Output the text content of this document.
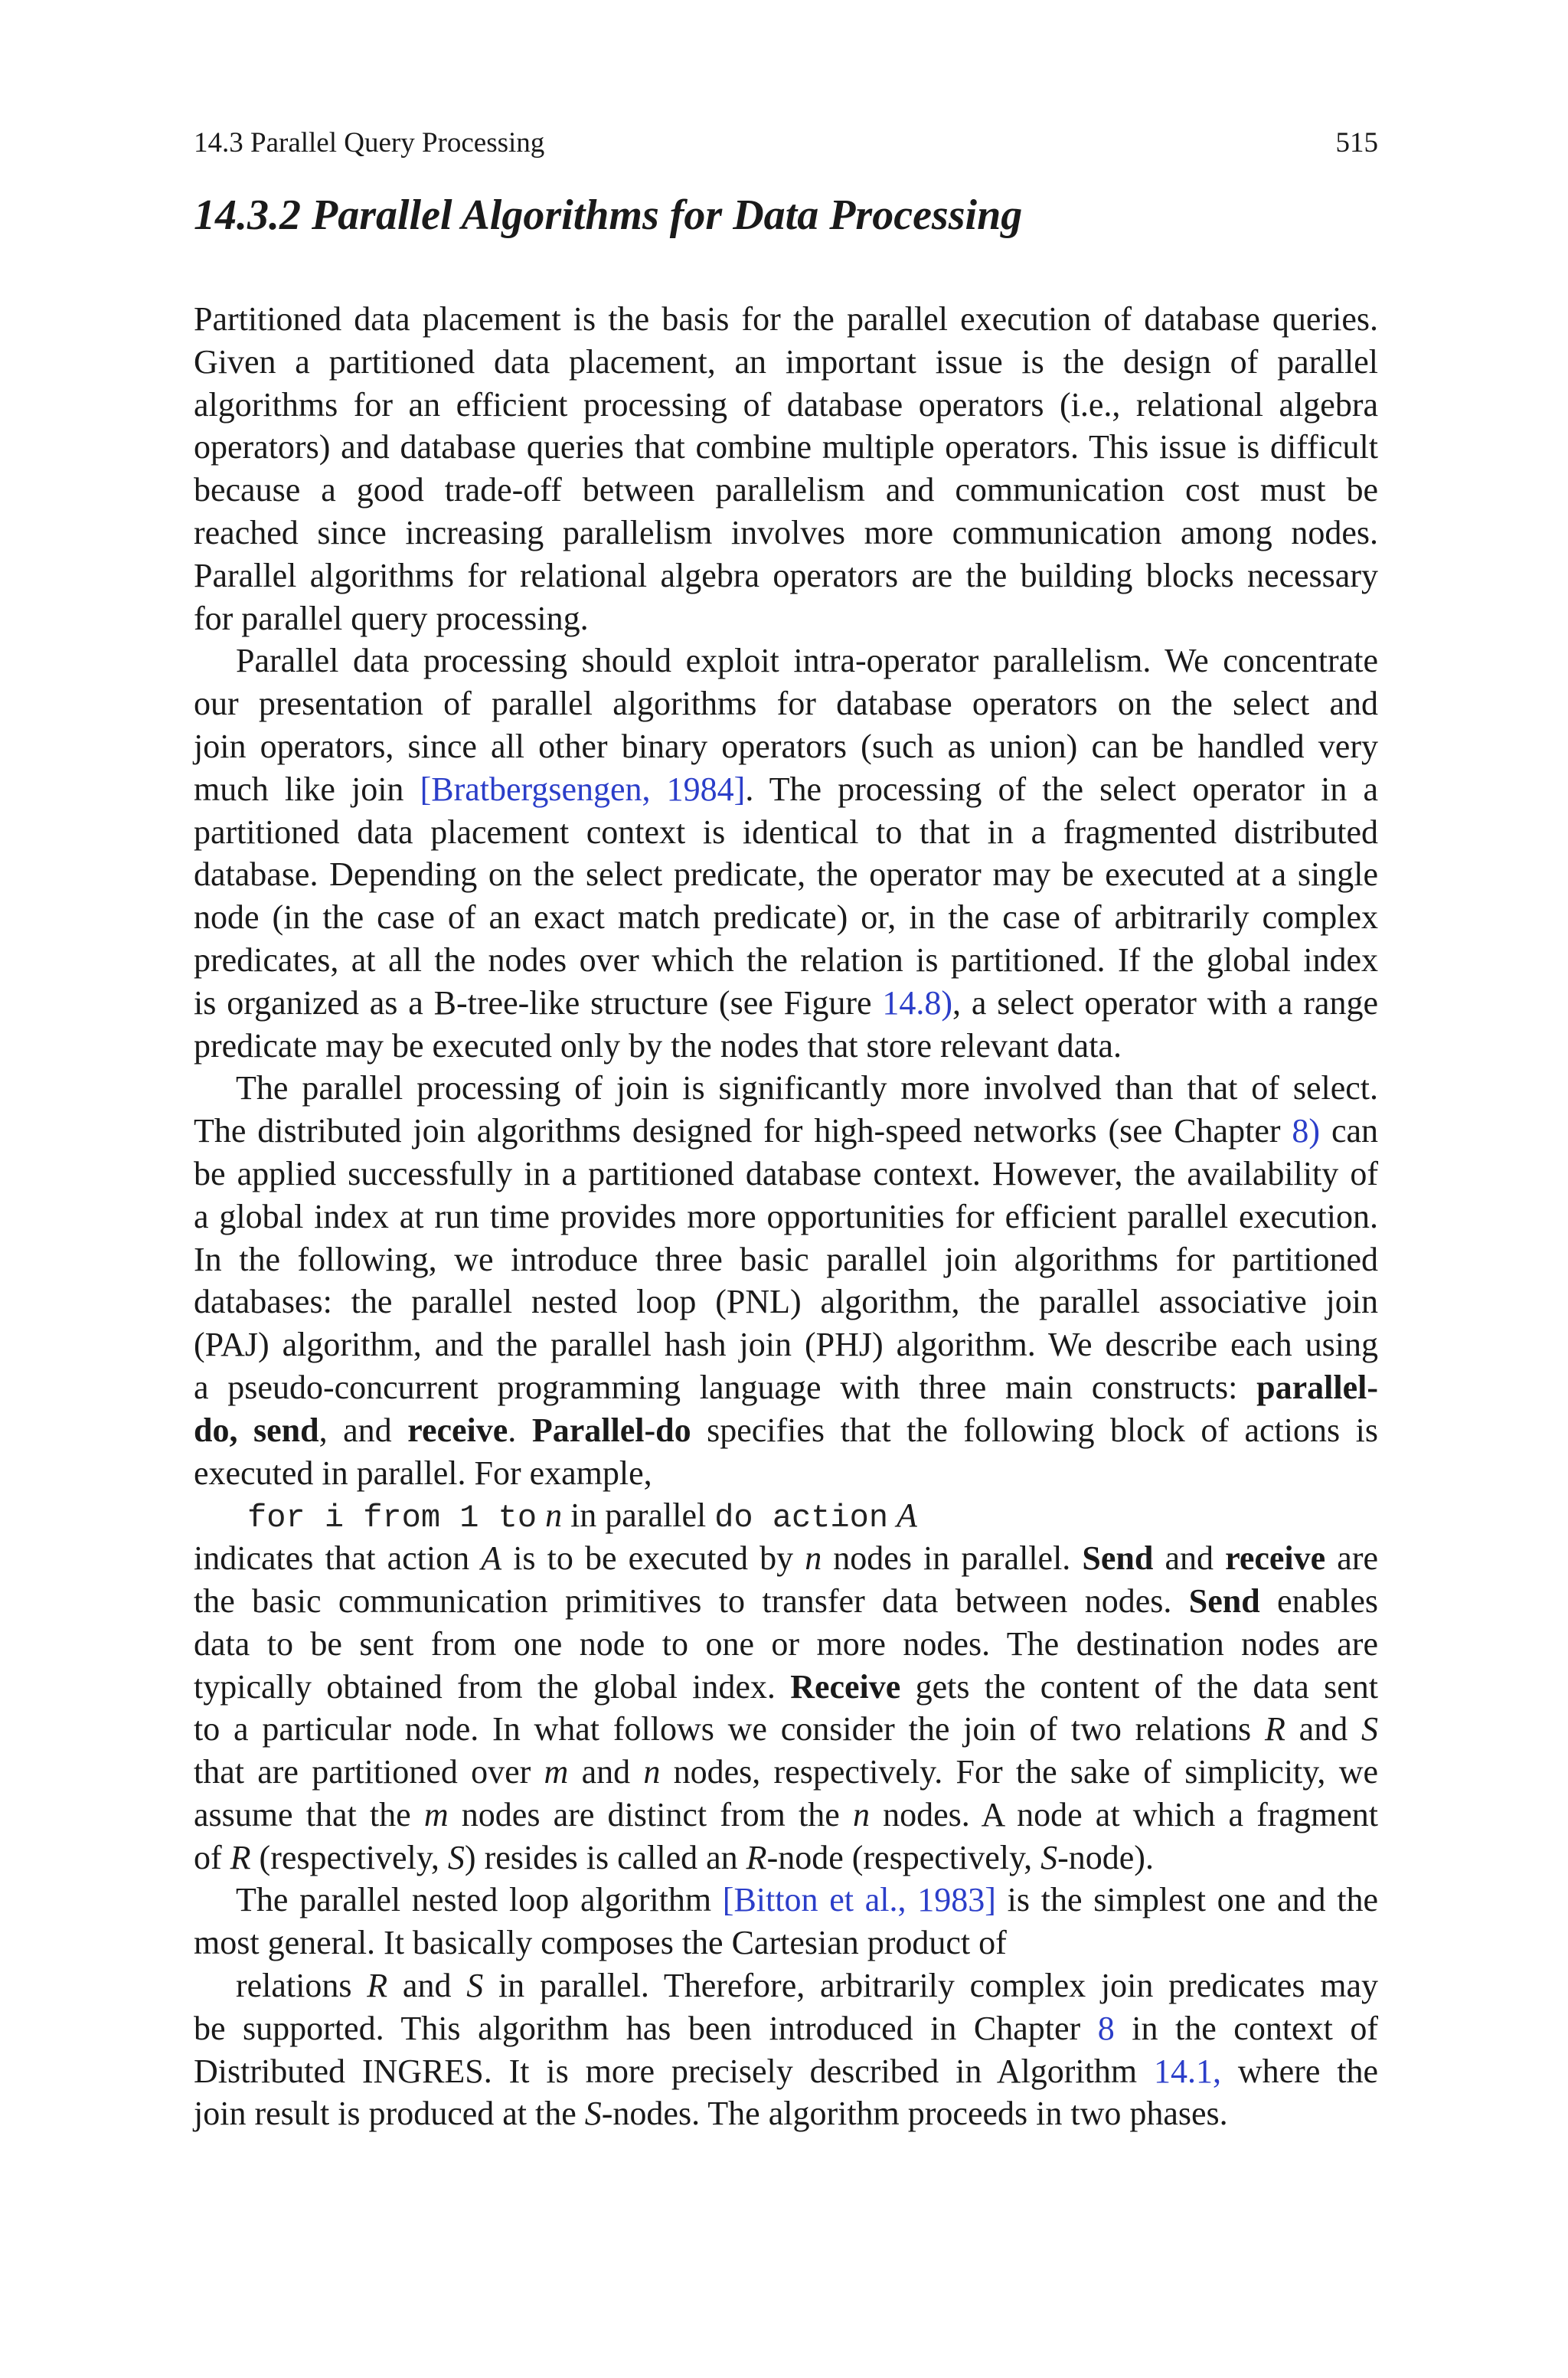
14.3 Parallel Query Processing	515
14.3.2 Parallel Algorithms for Data Processing
Partitioned data placement is the basis for the parallel execution of database queries.
Given a partitioned data placement, an important issue is the design of parallel
algorithms for an efficient processing of database operators (i.e., relational algebra
operators) and database queries that combine multiple operators. This issue is difficult
because a good trade-off between parallelism and communication cost must be
reached since increasing parallelism involves more communication among nodes.
Parallel algorithms for relational algebra operators are the building blocks necessary
for parallel query processing.
Parallel data processing should exploit intra-operator parallelism. We concentrate
our presentation of parallel algorithms for database operators on the select and
join operators, since all other binary operators (such as union) can be handled very
much like join [Bratbergsengen, 1984]. The processing of the select operator in a
partitioned data placement context is identical to that in a fragmented distributed
database. Depending on the select predicate, the operator may be executed at a single
node (in the case of an exact match predicate) or, in the case of arbitrarily complex
predicates, at all the nodes over which the relation is partitioned. If the global index
is organized as a B-tree-like structure (see Figure 14.8), a select operator with a range
predicate may be executed only by the nodes that store relevant data.
The parallel processing of join is significantly more involved than that of select.
The distributed join algorithms designed for high-speed networks (see Chapter 8) can
be applied successfully in a partitioned database context. However, the availability of
a global index at run time provides more opportunities for efficient parallel execution.
In the following, we introduce three basic parallel join algorithms for partitioned
databases: the parallel nested loop (PNL) algorithm, the parallel associative join
(PAJ) algorithm, and the parallel hash join (PHJ) algorithm. We describe each using
a pseudo-concurrent programming language with three main constructs: parallel-
do, send, and receive. Parallel-do specifies that the following block of actions is
executed in parallel. For example,
for i from 1 to n in parallel do action A
indicates that action A is to be executed by n nodes in parallel. Send and receive are
the basic communication primitives to transfer data between nodes. Send enables
data to be sent from one node to one or more nodes. The destination nodes are
typically obtained from the global index. Receive gets the content of the data sent
to a particular node. In what follows we consider the join of two relations R and S
that are partitioned over m and n nodes, respectively. For the sake of simplicity, we
assume that the m nodes are distinct from the n nodes. A node at which a fragment
of R (respectively, S) resides is called an R-node (respectively, S-node).
The parallel nested loop algorithm [Bitton et al., 1983] is the simplest one and the
most general. It basically composes the Cartesian product of
relations R and S in parallel. Therefore, arbitrarily complex join predicates may
be supported. This algorithm has been introduced in Chapter 8 in the context of
Distributed INGRES. It is more precisely described in Algorithm 14.1, where the
join result is produced at the S-nodes. The algorithm proceeds in two phases.
